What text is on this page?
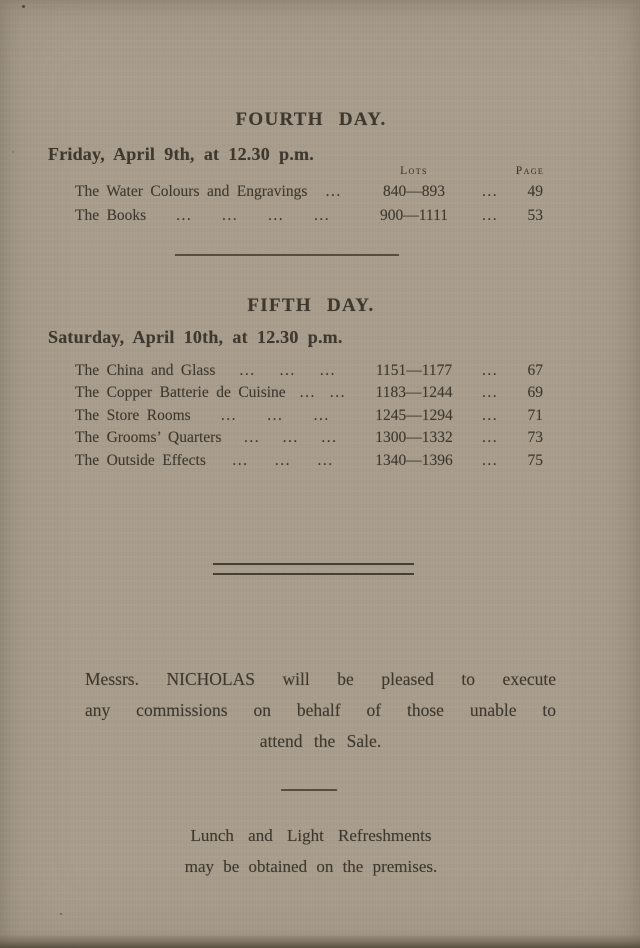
FOURTH DAY.
Friday, April 9th, at 12.30 p.m.
Lots	Page
The Water Colours and Engravings ...	840—893	...	49
The Books ... ... ... ...	900—1111	...	53
FIFTH DAY.
Saturday, April 10th, at 12.30 p.m.
The China and Glass ... ... ...	1151—1177	...	67
The Copper Batterie de Cuisine ... ...	1183—1244	...	69
The Store Rooms ... ... ...	1245—1294	...	71
The Grooms’ Quarters ... ... ...	1300—1332	...	73
The Outside Effects ... ... ...	1340—1396	...	75
Messrs. NICHOLAS will be pleased to execute
any commissions on behalf of those unable to
attend the Sale.
Lunch and Light Refreshments
may be obtained on the premises.
